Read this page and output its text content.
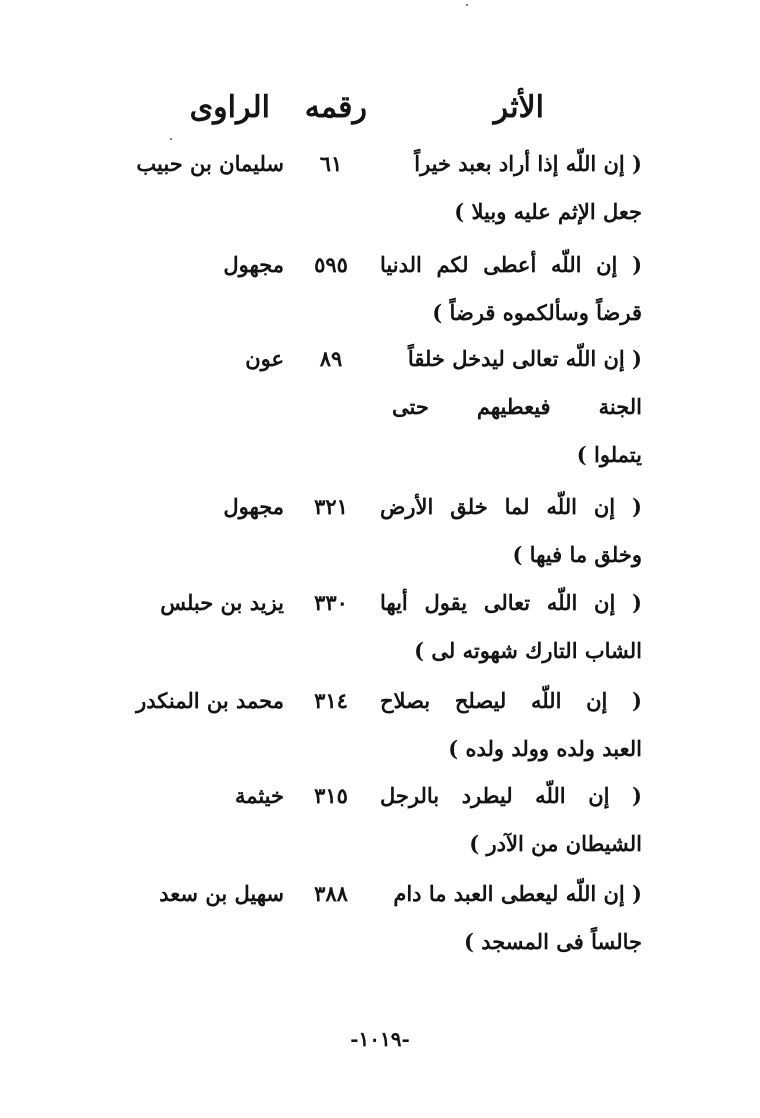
الأثر
رقمه
الراوى
( إن اللّه إذا أراد بعبد خيراً
جعل الإثم عليه وبيلا )
٦١
سليمان بن حبيب
( إن اللّه أعطى لكم الدنيا
قرضاً وسألكموه قرضاً )
٥٩٥
مجهول
( إن اللّه تعالى ليدخل خلقاً
الجنة فيعطيهم حتى
يتملوا )
٨٩
عون
( إن اللّه لما خلق الأرض
وخلق ما فيها )
٣٢١
مجهول
( إن اللّه تعالى يقول أيها
الشاب التارك شهوته لى )
٣٣٠
يزيد بن حبلس
( إن اللّه ليصلح بصلاح
العبد ولده وولد ولده )
٣١٤
محمد بن المنكدر
( إن اللّه ليطرد بالرجل
الشيطان من الآدر )
٣١٥
خيثمة
( إن اللّه ليعطى العبد ما دام
جالساً فى المسجد )
٣٨٨
سهيل بن سعد
-١٠١٩-
